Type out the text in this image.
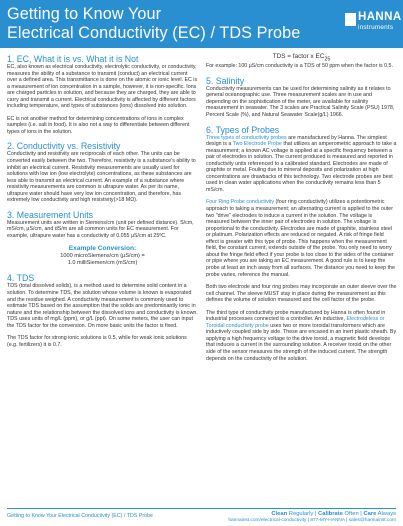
Getting to Know Your
Electrical Conductivity (EC) / TDS Probe
HANNA
instruments
1. EC, What it is vs. What it is Not

EC, also known as electrical conductivity, electrolytic conductivity, or conductivity, measures the ability of a substance to transmit (conduct) an electrical current over a defined area. This transmittance is done on the atomic or ionic level. EC is a measurement of ion concentration in a sample, however, it is non-specific. Ions are charged particles in solution, and because they are charged, they are able to carry and transmit a current. Electrical conductivity is affected by different factors including temperature, and types of substances (ions) dissolved into solution.

EC is not another method for determining concentrations of ions in complex samples (i.e. salt in food). It is also not a way to differentiate between different types of ions in the solution.

2. Conductivity vs. Resistivity

Conductivity and resistivity are reciprocals of each other. The units can be converted easily between the two. Therefore, resistivity is a substance's ability to inhibit an electrical current. Resistivity measurements are usually used for solutions with low ion (low electrolyte) concentrations, as these substances are less able to transmit an electrical current. An example of a substance where resistivity measurements are common is ultrapure water. As per its name, ultrapure water should have very low ion concentration, and therefore, has extremely low conductivity and high resistivity(>18 MΩ).

3. Measurement Units

Measurement units are written in Siemens/cm (unit per defined distance). S/cm, mS/cm, µS/cm, and dS/m are all common units for EC measurement. For example, ultrapure water has a conductivity of 0.055 µS/cm at 25ºC.

Example Conversion:
1000 microSiemens/cm (µS/cm) =
1.0 milliSiemen/cm (mS/cm)
4. TDS

TDS (total dissolved solids), is a method used to determine solid content in a solution. To determine TDS, the solution whose volume is known is evaporated and the residue weighed. A conductivity measurement is commonly used to estimate TDS based on the assumption that the solids are predominantly ionic in nature and the relationship between the dissolved ions and conductivity is known. TDS uses units of mg/L (ppm), or g/L (ppt). On some meters, the user can input the TDS factor for the conversion. On more basic units the factor is fixed.

The TDS factor for strong ionic solutions is 0.5, while for weak ionic solutions (e.g. fertilizers) it is 0.7.

TDS = factor x $EC_{25}$

For example: 100 µS/cm conductivity is a TDS of 50 ppm when the factor is 0.5.

5. Salinity

Conductivity measurements can be used for determining salinity as it relates to general oceanographic use. Three measurement scales are in use and depending on the sophistication of the meter, are available for salinity measurement in seawater. The 3 scales are Practical Salinity Scale (PSU) 1978, Percent Scale (%), and Natural Seawater Scale(g/L) 1966.

6. Types of Probes

Three types of conductivity probes are manufactured by Hanna. The simplest design is a Two Electrode Probe that utilizes an amperometric approach to take a measurement; a known AC voltage is applied at a specific frequency between a pair of electrodes in solution. The current produced is measured and reported in conductivity units referenced to a calibrated standard. Electrodes are made of graphite or metal. Fouling due to mineral deposits and polarization at high concentrations are drawbacks of this technology. Two electrode probes are best used in clean water applications when the conductivity remains less than 5 mS/cm.

Four Ring Probe conductivity (four ring conductivity) utilizes a potentiometric approach to taking a measurement; an alternating current is applied to the outer two "drive" electrodes to induce a current in the solution. The voltage is measured between the inner pair of electrodes in solution. The voltage is proportional to the conductivity. Electrodes are made of graphite, stainless steel or platinum. Polarization effects are reduced or negated. A risk of fringe field effect is greater with this type of probe. This happens when the measurement field, the constant current, extends outside of the probe. You only need to worry about the fringe field effect if your probe is too close to the sides of the container or pipe where you are taking an EC measurement. A good rule is to keep the probe at least an inch away from all surfaces. The distance you need to keep the probe varies, reference the manual.

Both two electrode and four ring probes may incorporate an outer sleeve over the cell channel. The sleeve MUST stay in place during the measurement as this defines the volume of solution measured and the cell factor of the probe.

The third type of conductivity probe manufactured by Hanna is often found in industrial processes connected to a controller. An inductive, Electrodeless or Toroidal conductivity probe uses two or more toroidal transformers which are inductively coupled side by side. These are encased in an inert plastic sheath. By applying a high frequency voltage to the drive toroid, a magnetic field develops that induces a current in the surrounding solution. A receiver toroid on the other side of the sensor measures the strength of the induced current. The strength depends on the conductivity of the solution.

Getting to Know Your Electrical Conductivity (EC) / TDS Probe	Clean Regularly | Calibrate Often | Care Always
hannainst.com/electrical-conductivity | 877-MY-HANNA | sales@hannainst.com
